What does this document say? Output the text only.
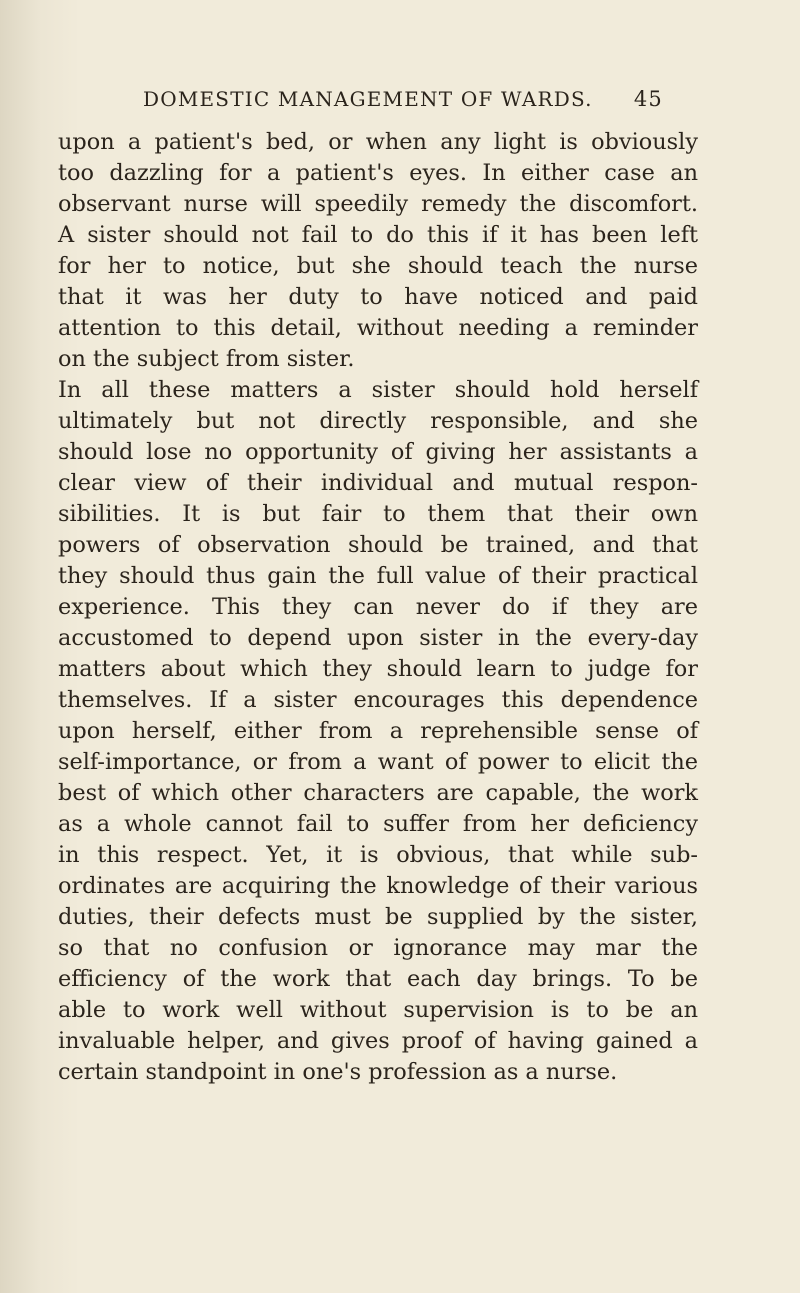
DOMESTIC MANAGEMENT OF WARDS. 45
upon a patient's bed, or when any light is obviously
too dazzling for a patient's eyes. In either case an
observant nurse will speedily remedy the discomfort.
A sister should not fail to do this if it has been left
for her to notice, but she should teach the nurse
that it was her duty to have noticed and paid
attention to this detail, without needing a reminder
on the subject from sister.
In all these matters a sister should hold herself
ultimately but not directly responsible, and she
should lose no opportunity of giving her assistants a
clear view of their individual and mutual respon-
sibilities. It is but fair to them that their own
powers of observation should be trained, and that
they should thus gain the full value of their practical
experience. This they can never do if they are
accustomed to depend upon sister in the every-day
matters about which they should learn to judge for
themselves. If a sister encourages this dependence
upon herself, either from a reprehensible sense of
self-importance, or from a want of power to elicit the
best of which other characters are capable, the work
as a whole cannot fail to suffer from her deficiency
in this respect. Yet, it is obvious, that while sub-
ordinates are acquiring the knowledge of their various
duties, their defects must be supplied by the sister,
so that no confusion or ignorance may mar the
efficiency of the work that each day brings. To be
able to work well without supervision is to be an
invaluable helper, and gives proof of having gained a
certain standpoint in one's profession as a nurse.
